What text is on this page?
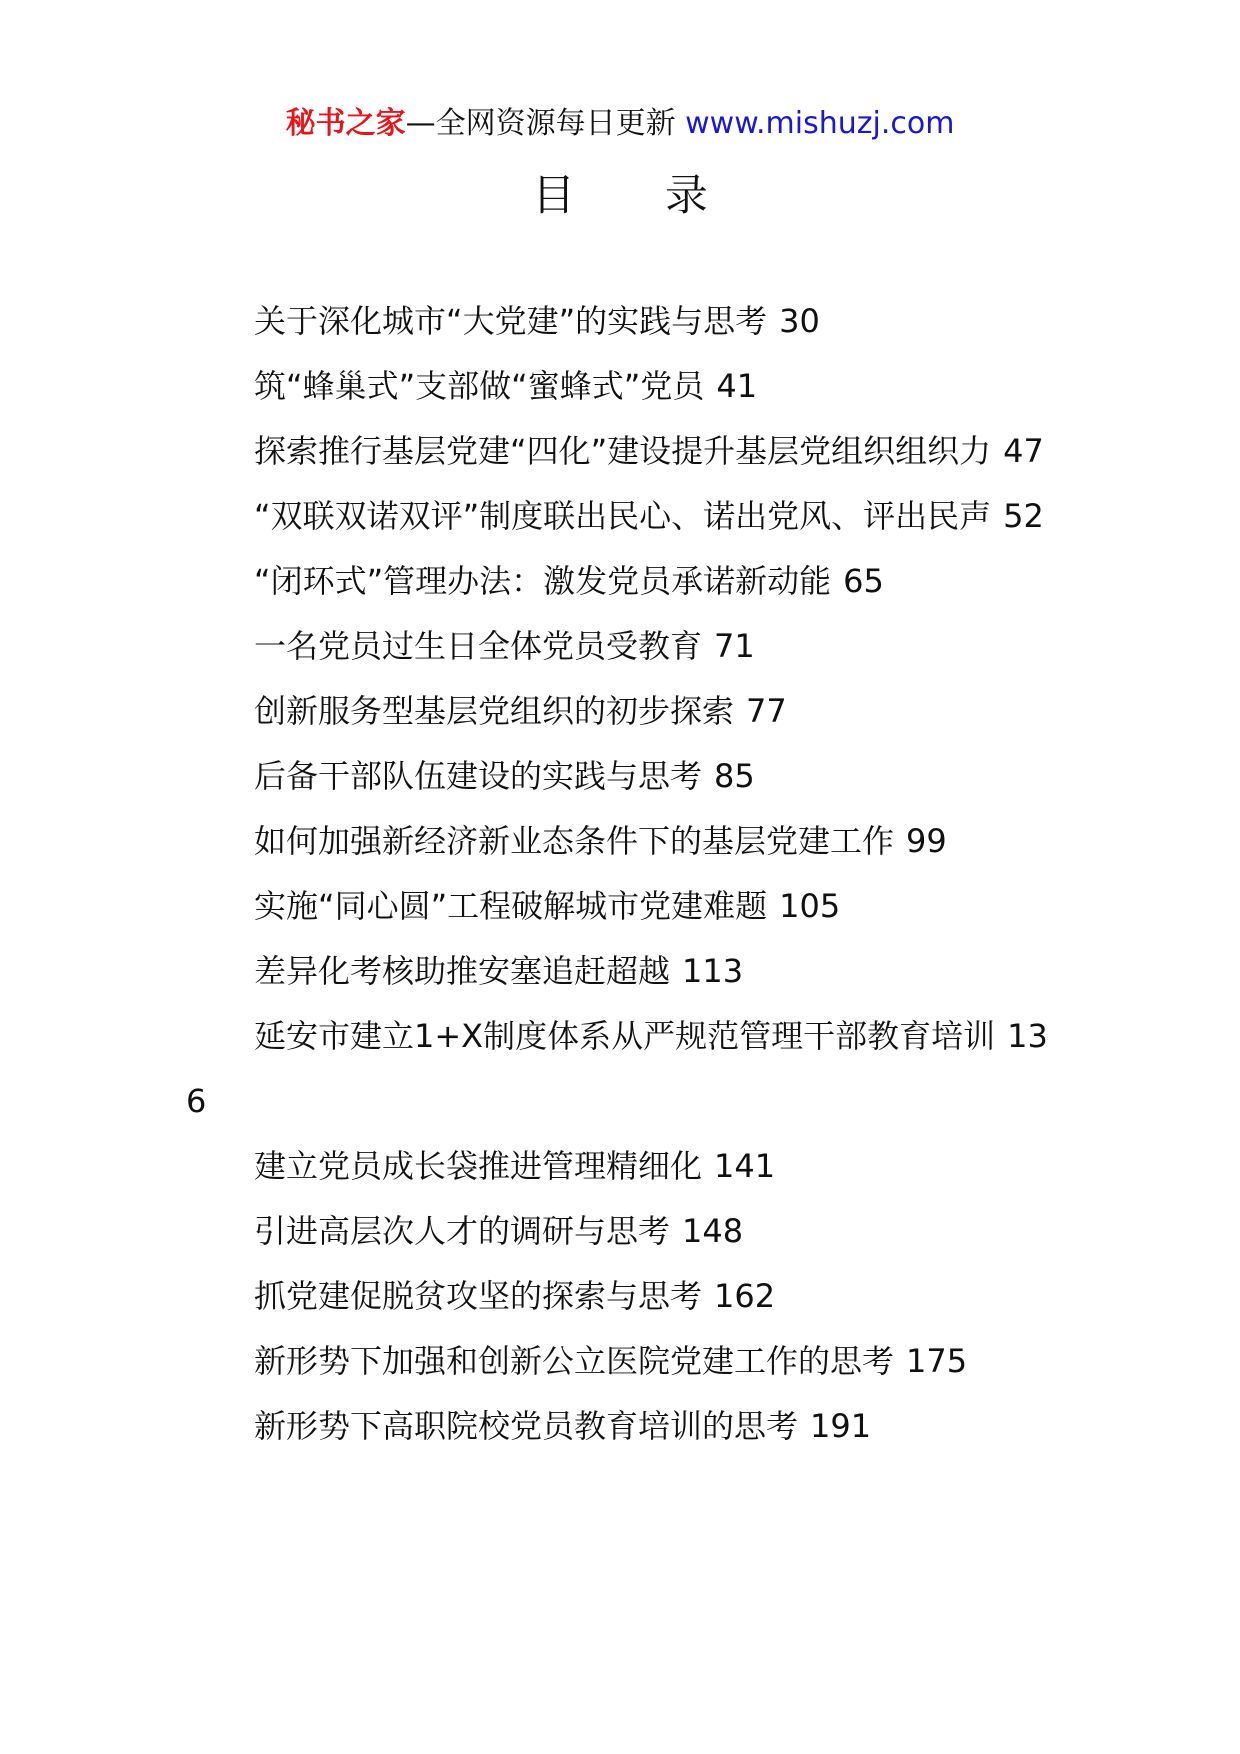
秘书之家—全网资源每日更新 www.mishuzj.com
目 录
关于深化城市“大党建”的实践与思考 30
筑“蜂巢式”支部做“蜜蜂式”党员 41
探索推行基层党建“四化”建设提升基层党组织组织力 47
“双联双诺双评”制度联出民心、诺出党风、评出民声 52
“闭环式”管理办法：激发党员承诺新动能 65
一名党员过生日全体党员受教育 71
创新服务型基层党组织的初步探索 77
后备干部队伍建设的实践与思考 85
如何加强新经济新业态条件下的基层党建工作 99
实施“同心圆”工程破解城市党建难题 105
差异化考核助推安塞追赶超越 113
延安市建立1+X制度体系从严规范管理干部教育培训 136
建立党员成长袋推进管理精细化 141
引进高层次人才的调研与思考 148
抓党建促脱贫攻坚的探索与思考 162
新形势下加强和创新公立医院党建工作的思考 175
新形势下高职院校党员教育培训的思考 191
